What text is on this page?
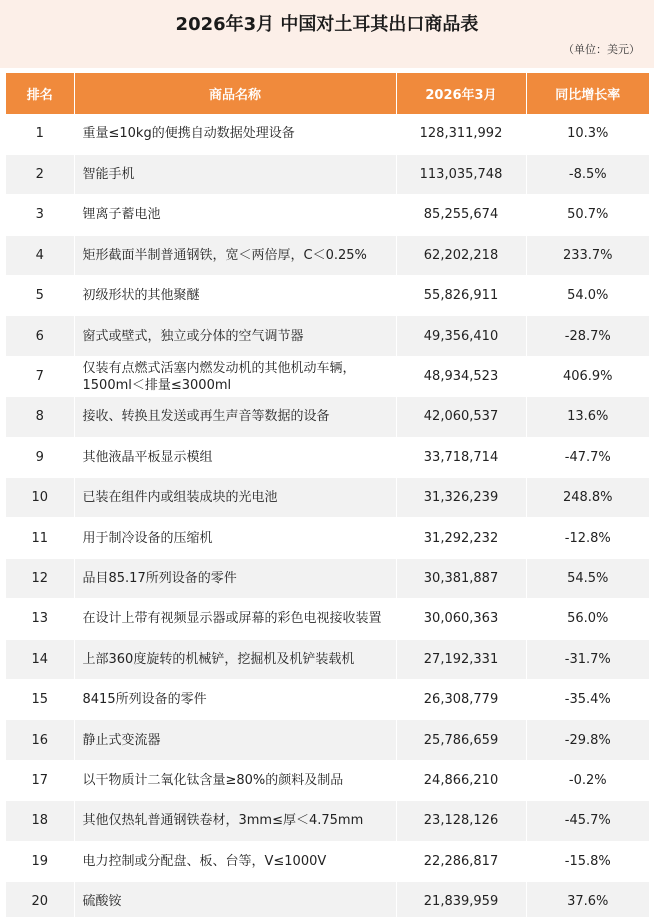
2026年3月 中国对土耳其出口商品表
（单位：美元）
排名	商品名称	2026年3月	同比增长率
1	重量≤10kg的便携自动数据处理设备	128,311,992	10.3%
2	智能手机	113,035,748	-8.5%
3	锂离子蓄电池	85,255,674	50.7%
4	矩形截面半制普通钢铁，宽＜两倍厚，C＜0.25%	62,202,218	233.7%
5	初级形状的其他聚醚	55,826,911	54.0%
6	窗式或壁式，独立或分体的空气调节器	49,356,410	-28.7%
7	仅装有点燃式活塞内燃发动机的其他机动车辆，1500ml＜排量≤3000ml	48,934,523	406.9%
8	接收、转换且发送或再生声音等数据的设备	42,060,537	13.6%
9	其他液晶平板显示模组	33,718,714	-47.7%
10	已装在组件内或组装成块的光电池	31,326,239	248.8%
11	用于制冷设备的压缩机	31,292,232	-12.8%
12	品目85.17所列设备的零件	30,381,887	54.5%
13	在设计上带有视频显示器或屏幕的彩色电视接收装置	30,060,363	56.0%
14	上部360度旋转的机械铲，挖掘机及机铲装载机	27,192,331	-31.7%
15	8415所列设备的零件	26,308,779	-35.4%
16	静止式变流器	25,786,659	-29.8%
17	以干物质计二氧化钛含量≥80%的颜料及制品	24,866,210	-0.2%
18	其他仅热轧普通钢铁卷材，3mm≤厚＜4.75mm	23,128,126	-45.7%
19	电力控制或分配盘、板、台等，V≤1000V	22,286,817	-15.8%
20	硫酸铵	21,839,959	37.6%
